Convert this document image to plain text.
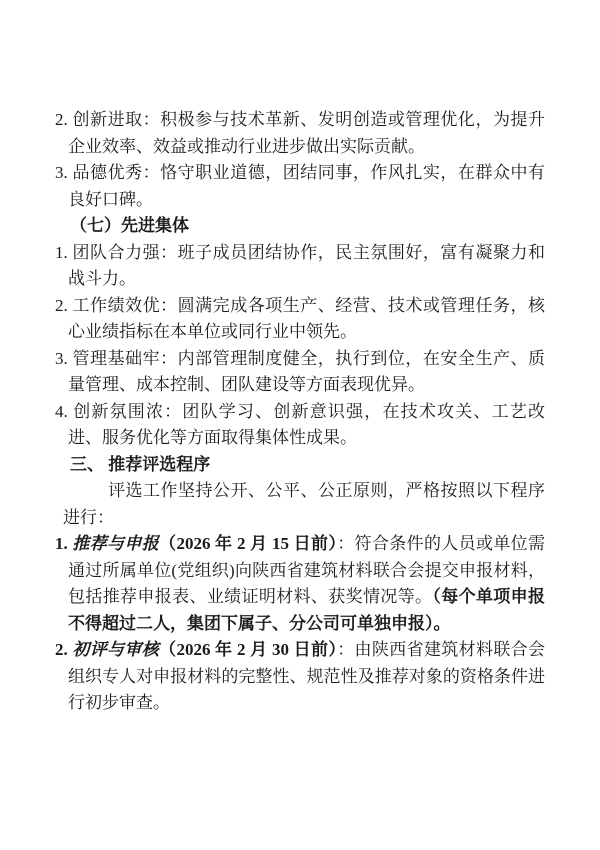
2. 创新进取：积极参与技术革新、发明创造或管理优化，为提升企业效率、效益或推动行业进步做出实际贡献。

3. 品德优秀：恪守职业道德，团结同事，作风扎实，在群众中有良好口碑。

（七）先进集体

1. 团队合力强：班子成员团结协作，民主氛围好，富有凝聚力和战斗力。

2. 工作绩效优：圆满完成各项生产、经营、技术或管理任务，核心业绩指标在本单位或同行业中领先。

3. 管理基础牢：内部管理制度健全，执行到位，在安全生产、质量管理、成本控制、团队建设等方面表现优异。

4. 创新氛围浓：团队学习、创新意识强，在技术攻关、工艺改进、服务优化等方面取得集体性成果。

三、 推荐评选程序

评选工作坚持公开、公平、公正原则，严格按照以下程序进行：

1. 推荐与申报（2026 年 2 月 15 日前）：符合条件的人员或单位需通过所属单位(党组织)向陕西省建筑材料联合会提交申报材料，包括推荐申报表、业绩证明材料、获奖情况等。（每个单项申报不得超过二人，集团下属子、分公司可单独申报）。

2. 初评与审核（2026 年 2 月 30 日前）：由陕西省建筑材料联合会组织专人对申报材料的完整性、规范性及推荐对象的资格条件进行初步审查。
